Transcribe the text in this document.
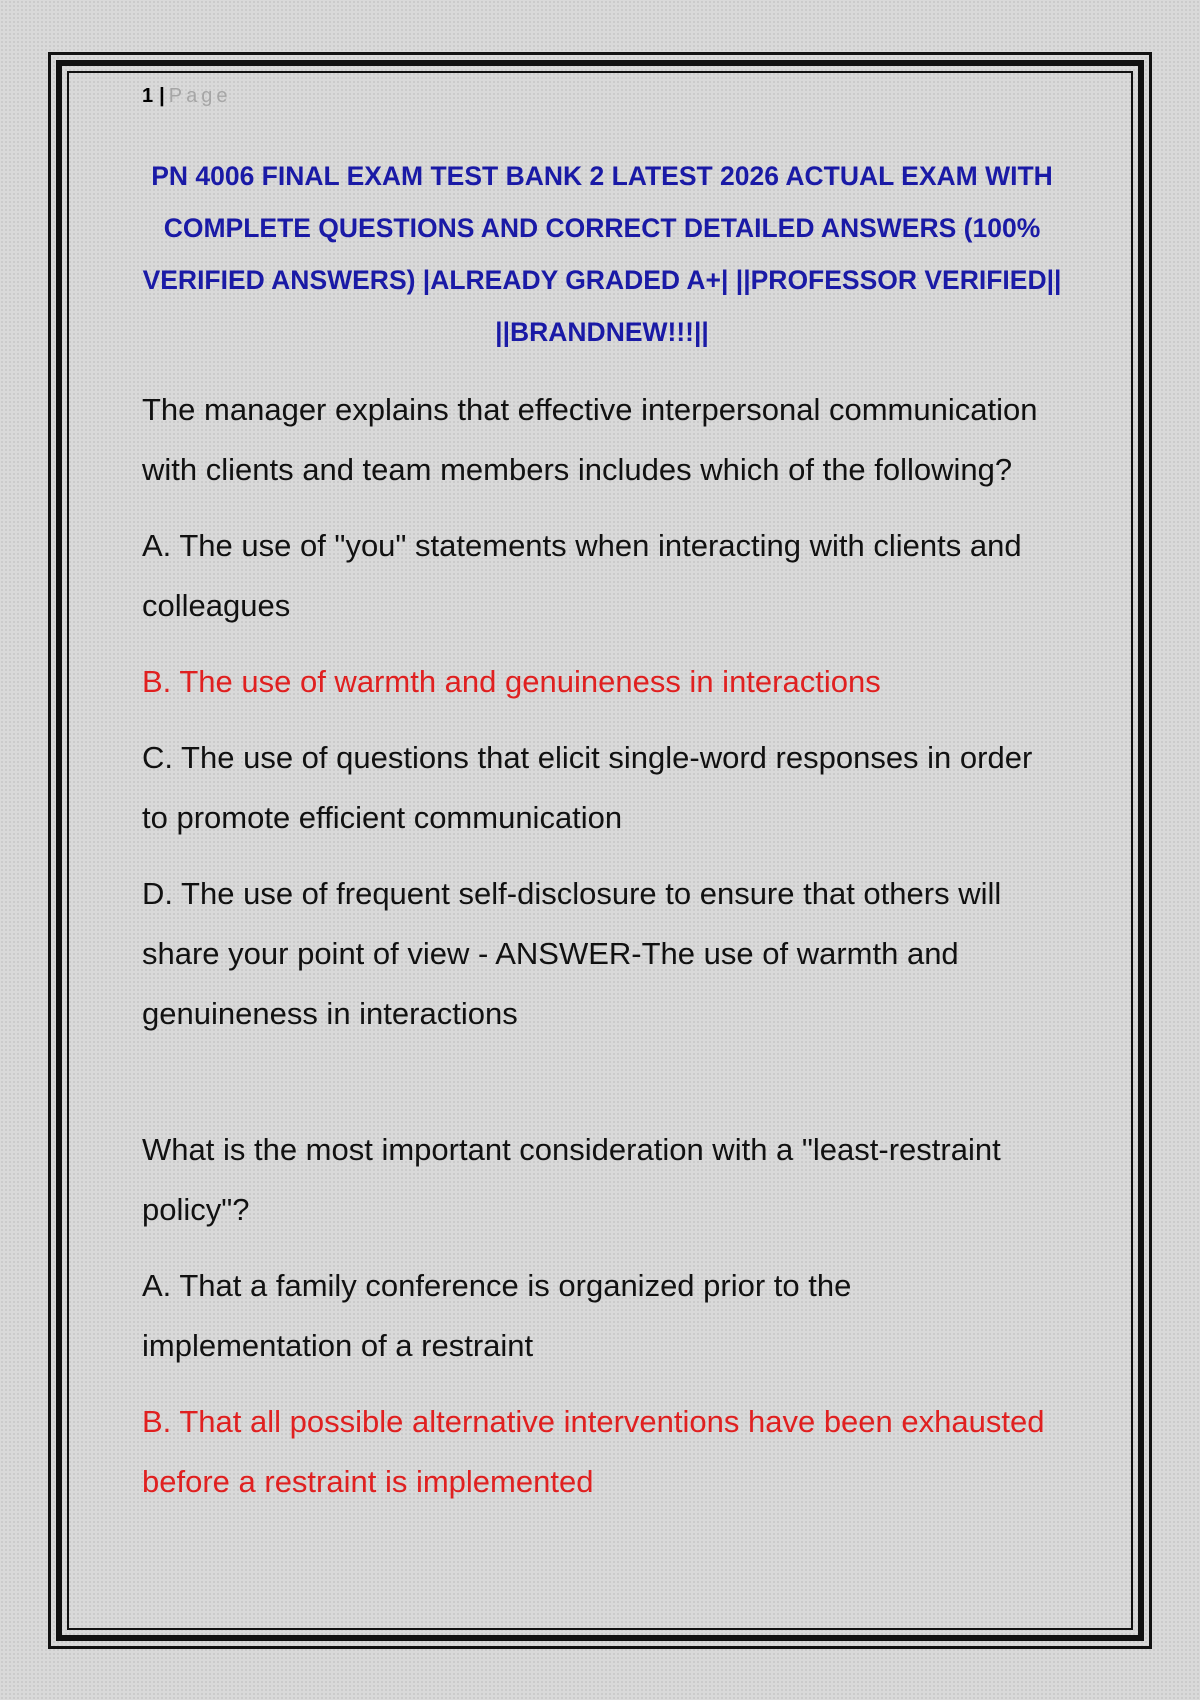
1 | Page
PN 4006 FINAL EXAM TEST BANK 2 LATEST 2026 ACTUAL EXAM WITH COMPLETE QUESTIONS AND CORRECT DETAILED ANSWERS (100% VERIFIED ANSWERS) |ALREADY GRADED A+| ||PROFESSOR VERIFIED|| ||BRANDNEW!!!||

The manager explains that effective interpersonal communication with clients and team members includes which of the following?

A. The use of "you" statements when interacting with clients and colleagues

B. The use of warmth and genuineness in interactions

C. The use of questions that elicit single-word responses in order to promote efficient communication

D. The use of frequent self-disclosure to ensure that others will share your point of view - ANSWER-The use of warmth and genuineness in interactions

What is the most important consideration with a "least-restraint policy"?

A. That a family conference is organized prior to the implementation of a restraint

B. That all possible alternative interventions have been exhausted before a restraint is implemented
